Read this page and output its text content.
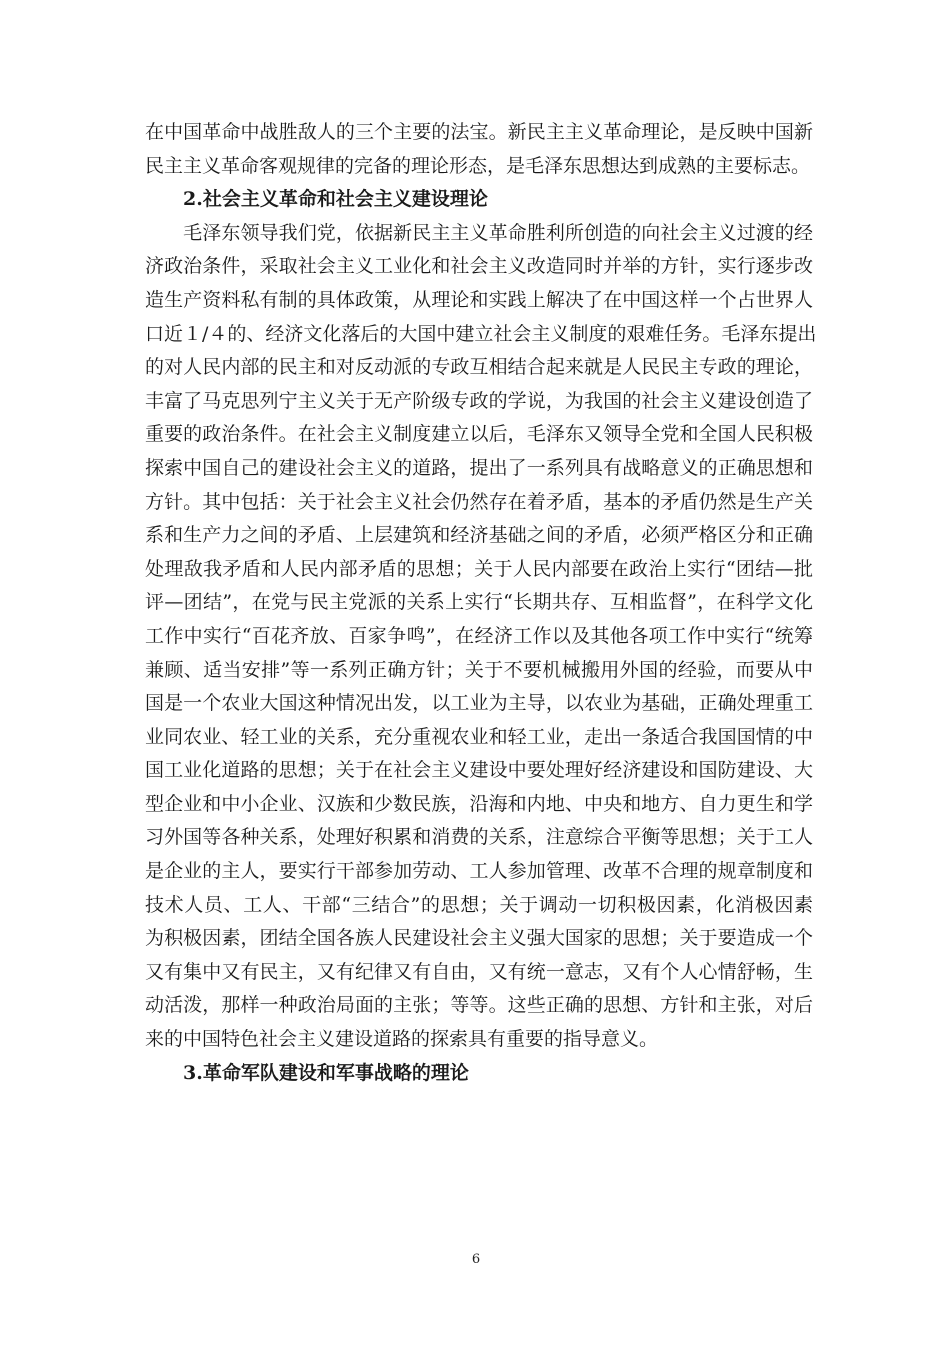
在中国革命中战胜敌人的三个主要的法宝。新民主主义革命理论，是反映中国新
民主主义革命客观规律的完备的理论形态，是毛泽东思想达到成熟的主要标志。
2.社会主义革命和社会主义建设理论
　　毛泽东领导我们党，依据新民主主义革命胜利所创造的向社会主义过渡的经
济政治条件，采取社会主义工业化和社会主义改造同时并举的方针，实行逐步改
造生产资料私有制的具体政策，从理论和实践上解决了在中国这样一个占世界人
口近１/４的、经济文化落后的大国中建立社会主义制度的艰难任务。毛泽东提出
的对人民内部的民主和对反动派的专政互相结合起来就是人民民主专政的理论，
丰富了马克思列宁主义关于无产阶级专政的学说，为我国的社会主义建设创造了
重要的政治条件。在社会主义制度建立以后，毛泽东又领导全党和全国人民积极
探索中国自己的建设社会主义的道路，提出了一系列具有战略意义的正确思想和
方针。其中包括：关于社会主义社会仍然存在着矛盾，基本的矛盾仍然是生产关
系和生产力之间的矛盾、上层建筑和经济基础之间的矛盾，必须严格区分和正确
处理敌我矛盾和人民内部矛盾的思想；关于人民内部要在政治上实行“团结—批
评—团结”，在党与民主党派的关系上实行“长期共存、互相监督”，在科学文化
工作中实行“百花齐放、百家争鸣”，在经济工作以及其他各项工作中实行“统筹
兼顾、适当安排”等一系列正确方针；关于不要机械搬用外国的经验，而要从中
国是一个农业大国这种情况出发，以工业为主导，以农业为基础，正确处理重工
业同农业、轻工业的关系，充分重视农业和轻工业，走出一条适合我国国情的中
国工业化道路的思想；关于在社会主义建设中要处理好经济建设和国防建设、大
型企业和中小企业、汉族和少数民族，沿海和内地、中央和地方、自力更生和学
习外国等各种关系，处理好积累和消费的关系，注意综合平衡等思想；关于工人
是企业的主人，要实行干部参加劳动、工人参加管理、改革不合理的规章制度和
技术人员、工人、干部“三结合”的思想；关于调动一切积极因素，化消极因素
为积极因素，团结全国各族人民建设社会主义强大国家的思想；关于要造成一个
又有集中又有民主，又有纪律又有自由，又有统一意志，又有个人心情舒畅，生
动活泼，那样一种政治局面的主张；等等。这些正确的思想、方针和主张，对后
来的中国特色社会主义建设道路的探索具有重要的指导意义。
3.革命军队建设和军事战略的理论
6
